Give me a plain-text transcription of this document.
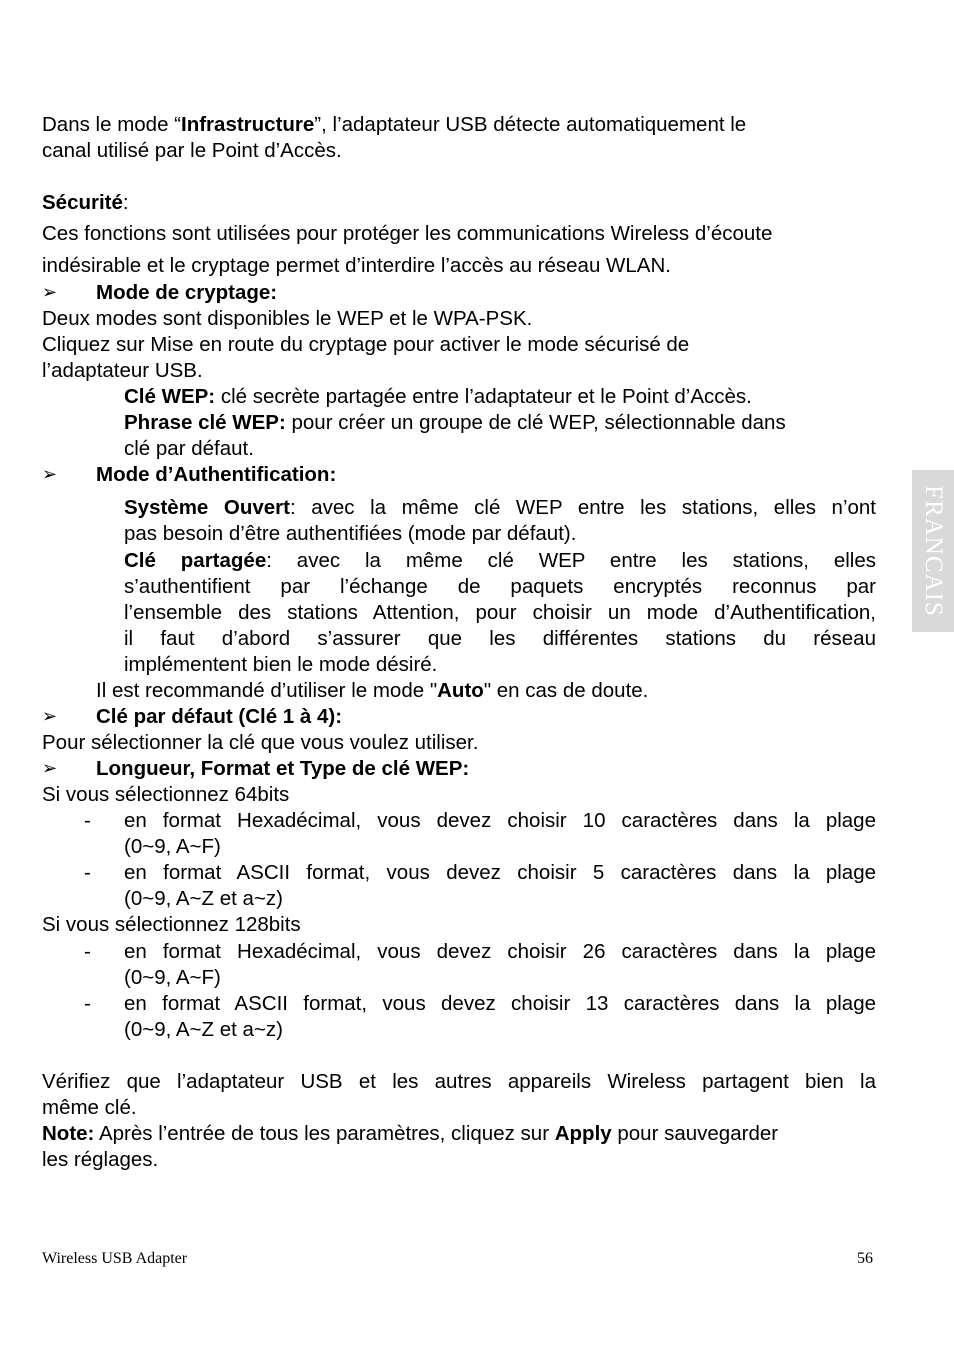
Dans le mode “Infrastructure”, l’adaptateur USB détecte automatiquement le

canal utilisé par le Point d’Accès.

Sécurité:

Ces fonctions sont utilisées pour protéger les communications Wireless d’écoute

indésirable et le cryptage permet d’interdire l’accès au réseau WLAN.

➢ Mode de cryptage:

Deux modes sont disponibles le WEP et le WPA-PSK.

Cliquez sur Mise en route du cryptage pour activer le mode sécurisé de

l’adaptateur USB.

Clé WEP: clé secrète partagée entre l’adaptateur et le Point d’Accès.

Phrase clé WEP: pour créer un groupe de clé WEP, sélectionnable dans

clé par défaut.

➢ Mode d’Authentification:

Système Ouvert: avec la même clé WEP entre les stations, elles n’ont

pas besoin d’être authentifiées (mode par défaut).

Clé partagée: avec la même clé WEP entre les stations, elles

s’authentifient par l’échange de paquets encryptés reconnus par

l’ensemble des stations Attention, pour choisir un mode d’Authentification,

il faut d’abord s’assurer que les différentes stations du réseau

implémentent bien le mode désiré.

Il est recommandé d’utiliser le mode "Auto" en cas de doute.

➢ Clé par défaut (Clé 1 à 4):

Pour sélectionner la clé que vous voulez utiliser.

➢ Longueur, Format et Type de clé WEP:

Si vous sélectionnez 64bits

- en format Hexadécimal, vous devez choisir 10 caractères dans la plage

(0~9, A~F)

- en format ASCII format, vous devez choisir 5 caractères dans la plage

(0~9, A~Z et a~z)

Si vous sélectionnez 128bits

- en format Hexadécimal, vous devez choisir 26 caractères dans la plage

(0~9, A~F)

- en format ASCII format, vous devez choisir 13 caractères dans la plage

(0~9, A~Z et a~z)

Vérifiez que l’adaptateur USB et les autres appareils Wireless partagent bien la

même clé.

Note: Après l’entrée de tous les paramètres, cliquez sur Apply pour sauvegarder

les réglages.

FRANCAIS
Wireless USB Adapter	56
